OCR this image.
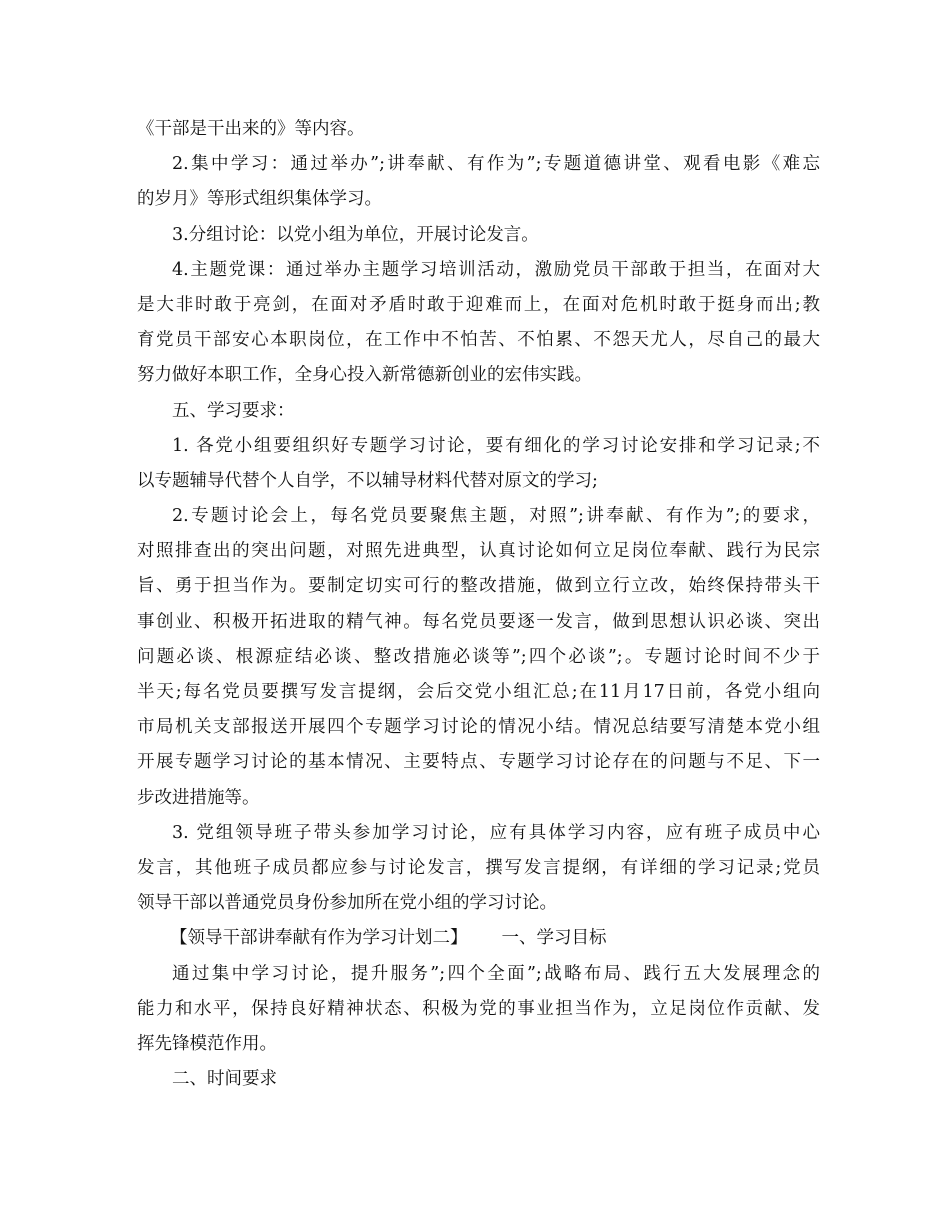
《干部是干出来的》等内容。
2.集中学习：通过举办”;讲奉献、有作为”;专题道德讲堂、观看电影《难忘
的岁月》等形式组织集体学习。
3.分组讨论：以党小组为单位，开展讨论发言。
4.主题党课：通过举办主题学习培训活动，激励党员干部敢于担当，在面对大
是大非时敢于亮剑，在面对矛盾时敢于迎难而上，在面对危机时敢于挺身而出;教
育党员干部安心本职岗位，在工作中不怕苦、不怕累、不怨天尤人，尽自己的最大
努力做好本职工作，全身心投入新常德新创业的宏伟实践。
五、学习要求：
1. 各党小组要组织好专题学习讨论，要有细化的学习讨论安排和学习记录;不
以专题辅导代替个人自学，不以辅导材料代替对原文的学习;
2.专题讨论会上，每名党员要聚焦主题，对照”;讲奉献、有作为”;的要求，
对照排查出的突出问题，对照先进典型，认真讨论如何立足岗位奉献、践行为民宗
旨、勇于担当作为。要制定切实可行的整改措施，做到立行立改，始终保持带头干
事创业、积极开拓进取的精气神。每名党员要逐一发言，做到思想认识必谈、突出
问题必谈、根源症结必谈、整改措施必谈等”;四个必谈”;。专题讨论时间不少于
半天;每名党员要撰写发言提纲，会后交党小组汇总;在11月17日前，各党小组向
市局机关支部报送开展四个专题学习讨论的情况小结。情况总结要写清楚本党小组
开展专题学习讨论的基本情况、主要特点、专题学习讨论存在的问题与不足、下一
步改进措施等。
3. 党组领导班子带头参加学习讨论，应有具体学习内容，应有班子成员中心
发言，其他班子成员都应参与讨论发言，撰写发言提纲，有详细的学习记录;党员
领导干部以普通党员身份参加所在党小组的学习讨论。
【领导干部讲奉献有作为学习计划二】 一、学习目标
通过集中学习讨论，提升服务”;四个全面”;战略布局、践行五大发展理念的
能力和水平，保持良好精神状态、积极为党的事业担当作为，立足岗位作贡献、发
挥先锋模范作用。
二、时间要求
